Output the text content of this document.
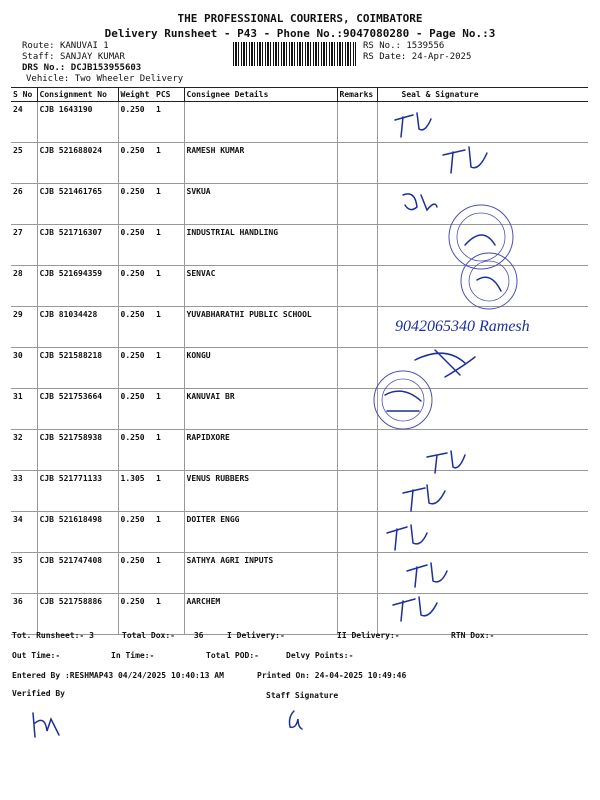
THE PROFESSIONAL COURIERS, COIMBATORE
Delivery Runsheet - P43 - Phone No.:9047080280 - Page No.:3
Route: KANUVAI 1
Staff: SANJAY KUMAR
DRS No.: DCJB153955603
Vehicle: Two Wheeler Delivery
RS No.: 1539556
RS Date: 24-Apr-2025
S No	Consignment No	Weight	PCS	Consignee Details	Remarks	Seal & Signature
24	CJB 1643190	0.250	1			
25	CJB 521688024	0.250	1	RAMESH KUMAR		
26	CJB 521461765	0.250	1	SVKUA		
27	CJB 521716307	0.250	1	INDUSTRIAL HANDLING		
28	CJB 521694359	0.250	1	SENVAC		
29	CJB 81034428	0.250	1	YUVABHARATHI PUBLIC SCHOOL		
30	CJB 521588218	0.250	1	KONGU		
31	CJB 521753664	0.250	1	KANUVAI BR		
32	CJB 521758938	0.250	1	RAPIDXORE		
33	CJB 521771133	1.305	1	VENUS RUBBERS		
34	CJB 521618498	0.250	1	DOITER ENGG		
35	CJB 521747408	0.250	1	SATHYA AGRI INPUTS		
36	CJB 521758886	0.250	1	AARCHEM		
9042065340 Ramesh
Tot. Runsheet:- 3	Total Dox:- 36	I Delivery:-	II Delivery:-	RTN Dox:-
Out Time:-	In Time:-	Total POD:-	Delvy Points:-
Entered By :RESHMAP43 04/24/2025 10:40:13 AM	Printed On: 24-04-2025 10:49:46
Verified By	Staff Signature
